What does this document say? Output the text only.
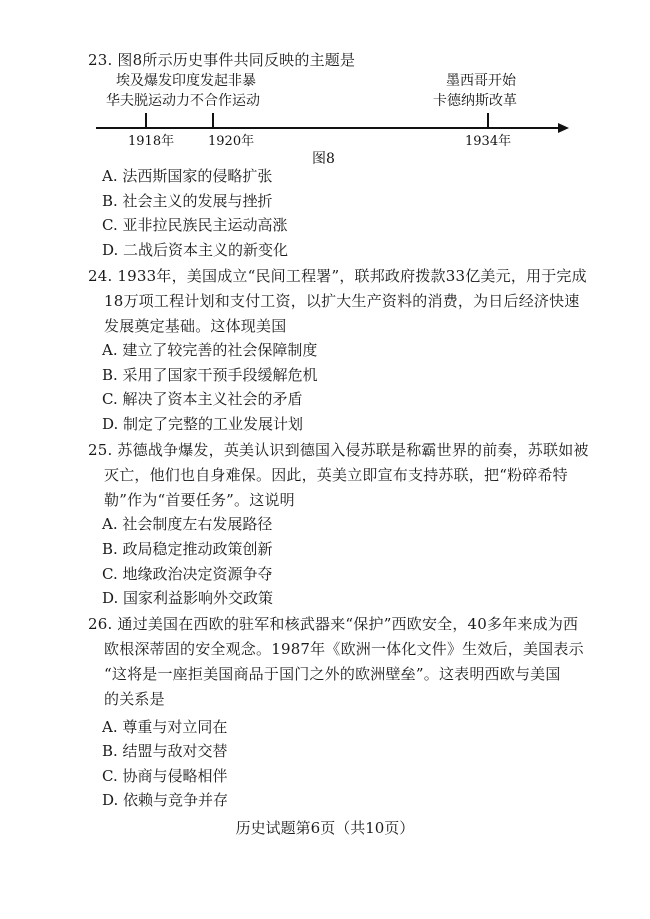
23. 图8所示历史事件共同反映的主题是
埃及爆发印度发起非暴
华夫脱运动力不合作运动
墨西哥开始
卡德纳斯改革
1918年	1920年	1934年
图8
A. 法西斯国家的侵略扩张
B. 社会主义的发展与挫折
C. 亚非拉民族民主运动高涨
D. 二战后资本主义的新变化
24. 1933年，美国成立“民间工程署”，联邦政府拨款33亿美元，用于完成
18万项工程计划和支付工资，以扩大生产资料的消费，为日后经济快速
发展奠定基础。这体现美国
A. 建立了较完善的社会保障制度
B. 采用了国家干预手段缓解危机
C. 解决了资本主义社会的矛盾
D. 制定了完整的工业发展计划
25. 苏德战争爆发，英美认识到德国入侵苏联是称霸世界的前奏，苏联如被
灭亡，他们也自身难保。因此，英美立即宣布支持苏联，把“粉碎希特
勒”作为“首要任务”。这说明
A. 社会制度左右发展路径
B. 政局稳定推动政策创新
C. 地缘政治决定资源争夺
D. 国家利益影响外交政策
26. 通过美国在西欧的驻军和核武器来“保护”西欧安全，40多年来成为西
欧根深蒂固的安全观念。1987年《欧洲一体化文件》生效后，美国表示
“这将是一座拒美国商品于国门之外的欧洲壁垒”。这表明西欧与美国
的关系是
A. 尊重与对立同在
B. 结盟与敌对交替
C. 协商与侵略相伴
D. 依赖与竞争并存
历史试题第6页（共10页）
